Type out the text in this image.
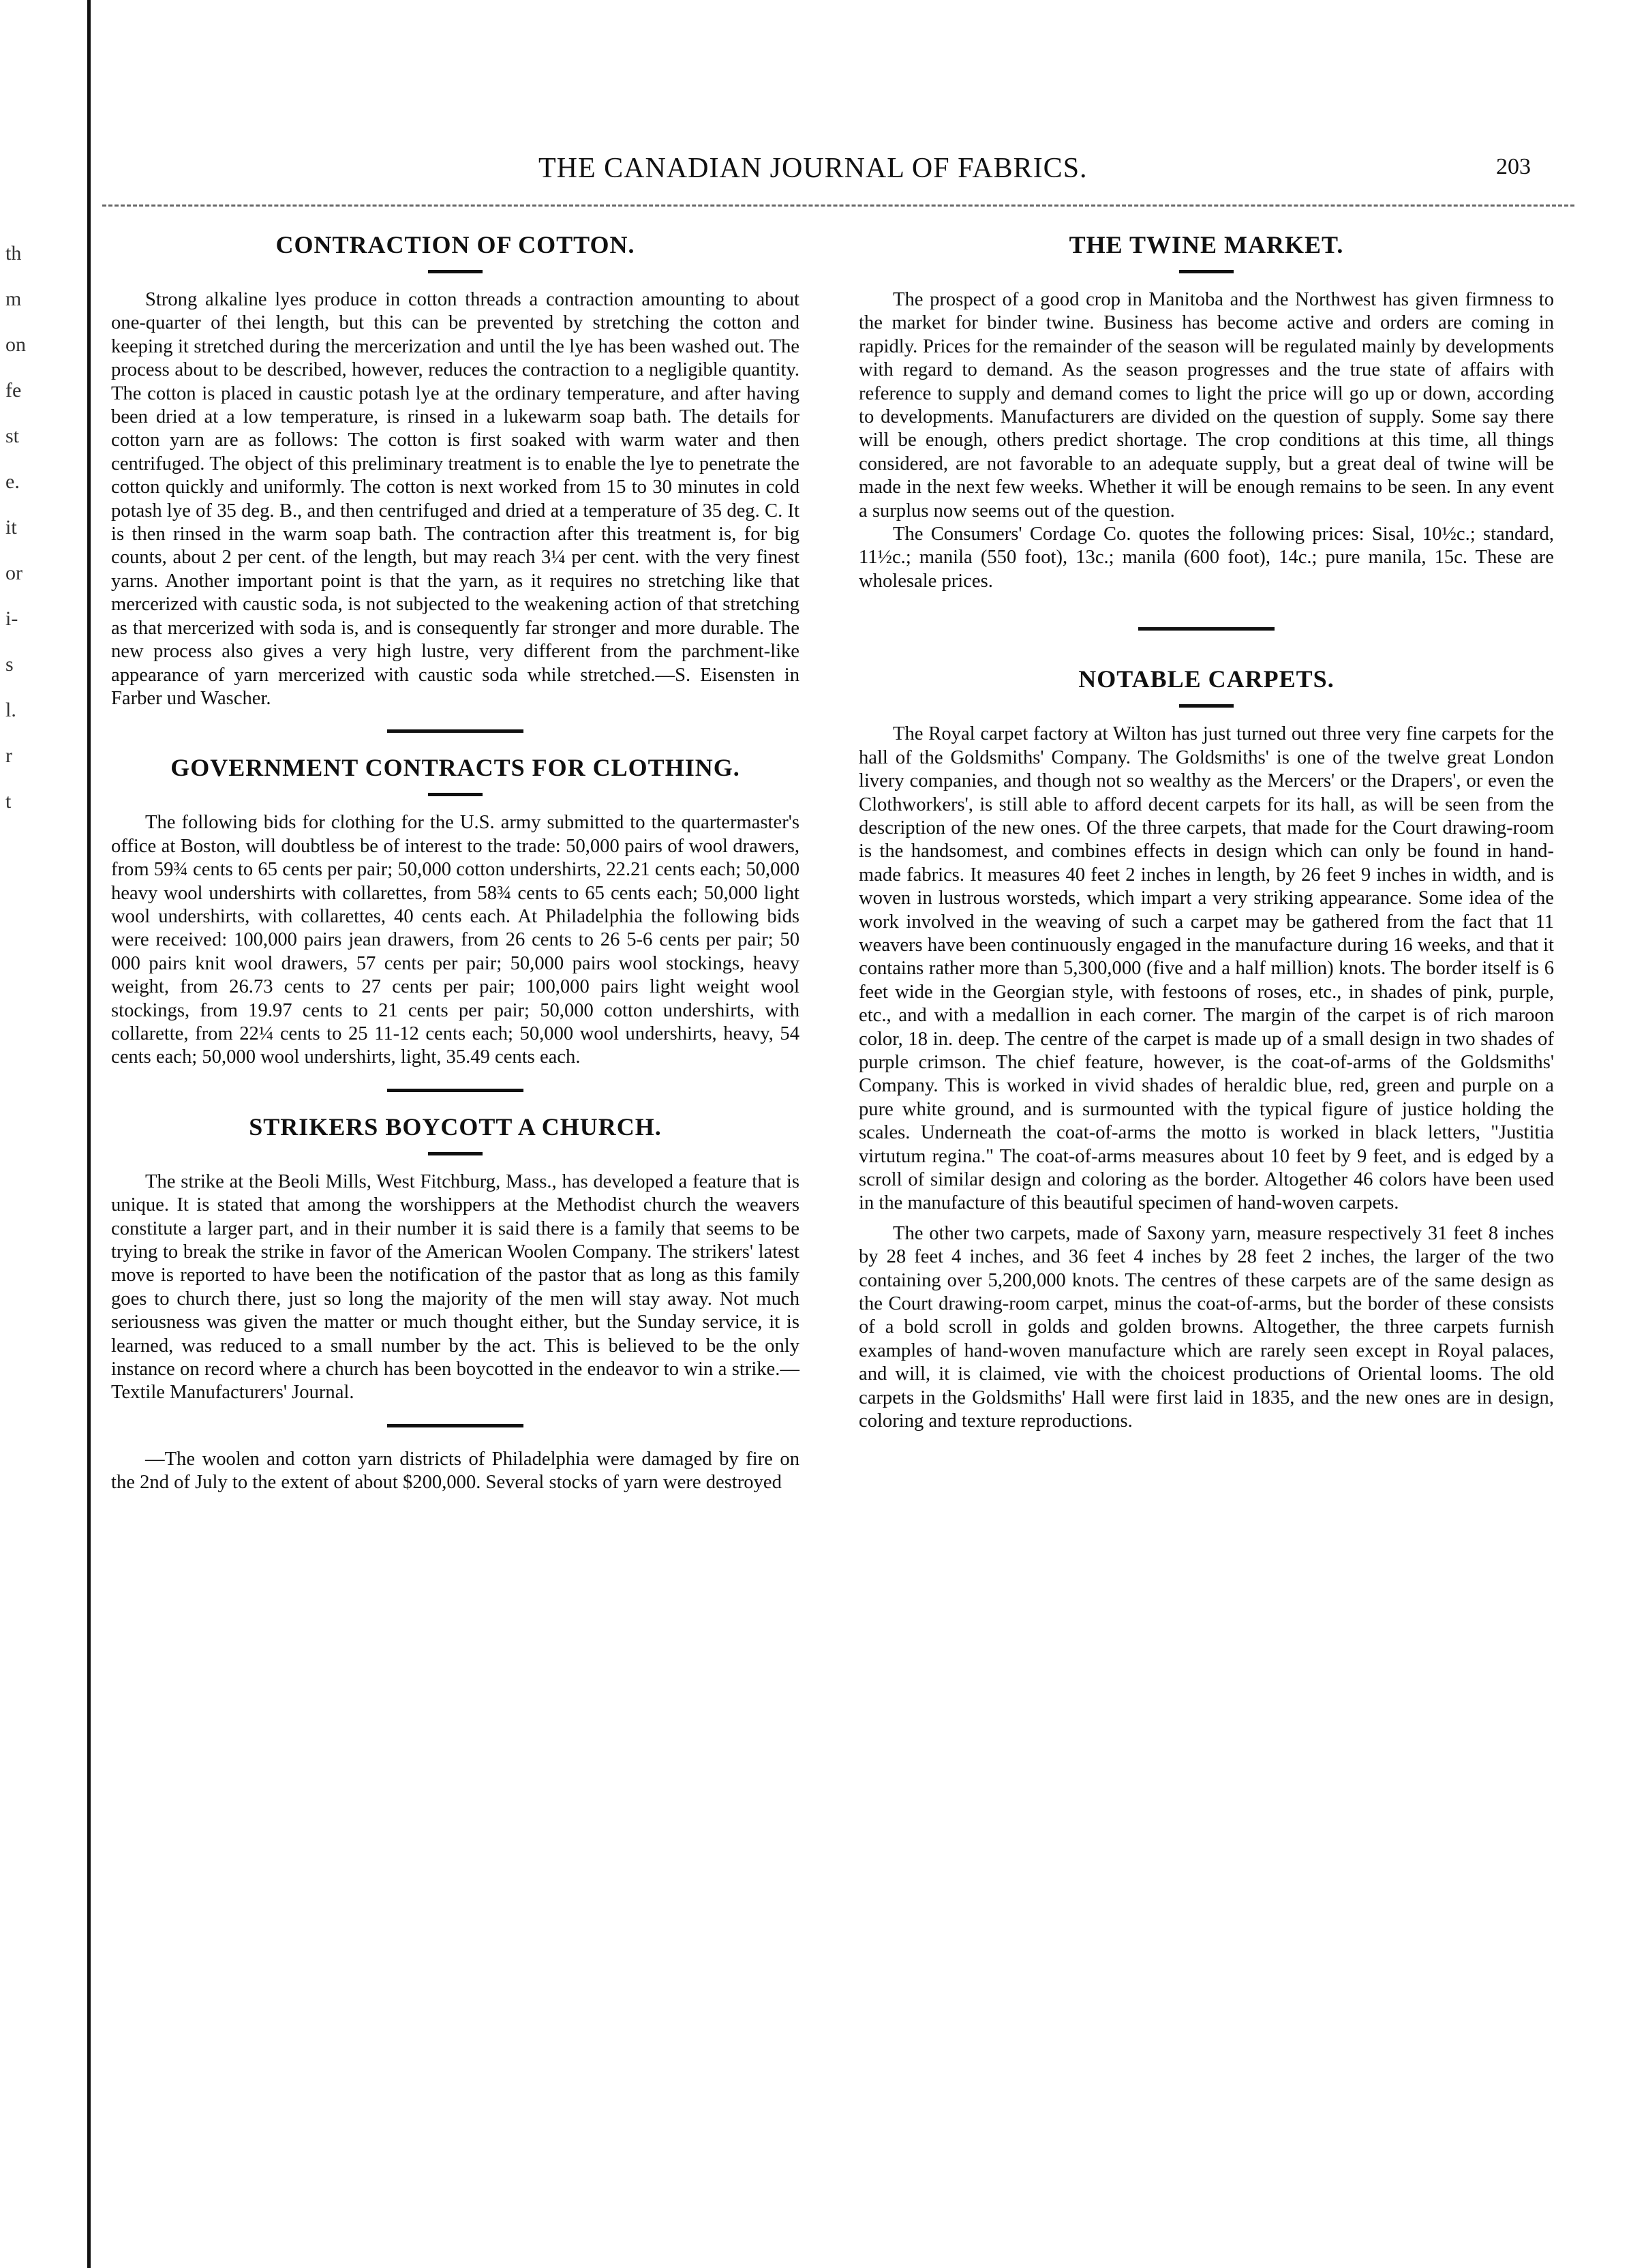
th
m
on
fe
st
e.
it
or
i-
s
l.
r
t
THE CANADIAN JOURNAL OF FABRICS.	203
CONTRACTION OF COTTON.

Strong alkaline lyes produce in cotton threads a contraction amounting to about one-quarter of thei length, but this can be prevented by stretching the cotton and keeping it stretched during the mercerization and until the lye has been washed out. The process about to be described, however, reduces the contraction to a negligible quantity. The cotton is placed in caustic potash lye at the ordinary temperature, and after having been dried at a low temperature, is rinsed in a lukewarm soap bath. The details for cotton yarn are as follows: The cotton is first soaked with warm water and then centrifuged. The object of this preliminary treatment is to enable the lye to penetrate the cotton quickly and uniformly. The cotton is next worked from 15 to 30 minutes in cold potash lye of 35 deg. B., and then centrifuged and dried at a temperature of 35 deg. C. It is then rinsed in the warm soap bath. The contraction after this treatment is, for big counts, about 2 per cent. of the length, but may reach 3¼ per cent. with the very finest yarns. Another important point is that the yarn, as it requires no stretching like that mercerized with caustic soda, is not subjected to the weakening action of that stretching as that mercerized with soda is, and is consequently far stronger and more durable. The new process also gives a very high lustre, very different from the parchment-like appearance of yarn mercerized with caustic soda while stretched.—S. Eisensten in Farber und Wascher.

GOVERNMENT CONTRACTS FOR CLOTHING.

The following bids for clothing for the U.S. army submitted to the quartermaster's office at Boston, will doubtless be of interest to the trade: 50,000 pairs of wool drawers, from 59¾ cents to 65 cents per pair; 50,000 cotton undershirts, 22.21 cents each; 50,000 heavy wool undershirts with collarettes, from 58¾ cents to 65 cents each; 50,000 light wool undershirts, with collarettes, 40 cents each. At Philadelphia the following bids were received: 100,000 pairs jean drawers, from 26 cents to 26 5-6 cents per pair; 50 000 pairs knit wool drawers, 57 cents per pair; 50,000 pairs wool stockings, heavy weight, from 26.73 cents to 27 cents per pair; 100,000 pairs light weight wool stockings, from 19.97 cents to 21 cents per pair; 50,000 cotton undershirts, with collarette, from 22¼ cents to 25 11-12 cents each; 50,000 wool undershirts, heavy, 54 cents each; 50,000 wool undershirts, light, 35.49 cents each.

STRIKERS BOYCOTT A CHURCH.

The strike at the Beoli Mills, West Fitchburg, Mass., has developed a feature that is unique. It is stated that among the worshippers at the Methodist church the weavers constitute a larger part, and in their number it is said there is a family that seems to be trying to break the strike in favor of the American Woolen Company. The strikers' latest move is reported to have been the notification of the pastor that as long as this family goes to church there, just so long the majority of the men will stay away. Not much seriousness was given the matter or much thought either, but the Sunday service, it is learned, was reduced to a small number by the act. This is believed to be the only instance on record where a church has been boycotted in the endeavor to win a strike.—Textile Manufacturers' Journal.

—The woolen and cotton yarn districts of Philadelphia were damaged by fire on the 2nd of July to the extent of about $200,000. Several stocks of yarn were destroyed

THE TWINE MARKET.

The prospect of a good crop in Manitoba and the Northwest has given firmness to the market for binder twine. Business has become active and orders are coming in rapidly. Prices for the remainder of the season will be regulated mainly by developments with regard to demand. As the season progresses and the true state of affairs with reference to supply and demand comes to light the price will go up or down, according to developments. Manufacturers are divided on the question of supply. Some say there will be enough, others predict shortage. The crop conditions at this time, all things considered, are not favorable to an adequate supply, but a great deal of twine will be made in the next few weeks. Whether it will be enough remains to be seen. In any event a surplus now seems out of the question.

The Consumers' Cordage Co. quotes the following prices: Sisal, 10½c.; standard, 11½c.; manila (550 foot), 13c.; manila (600 foot), 14c.; pure manila, 15c. These are wholesale prices.

NOTABLE CARPETS.

The Royal carpet factory at Wilton has just turned out three very fine carpets for the hall of the Goldsmiths' Company. The Goldsmiths' is one of the twelve great London livery companies, and though not so wealthy as the Mercers' or the Drapers', or even the Clothworkers', is still able to afford decent carpets for its hall, as will be seen from the description of the new ones. Of the three carpets, that made for the Court drawing-room is the handsomest, and combines effects in design which can only be found in hand-made fabrics. It measures 40 feet 2 inches in length, by 26 feet 9 inches in width, and is woven in lustrous worsteds, which impart a very striking appearance. Some idea of the work involved in the weaving of such a carpet may be gathered from the fact that 11 weavers have been continuously engaged in the manufacture during 16 weeks, and that it contains rather more than 5,300,000 (five and a half million) knots. The border itself is 6 feet wide in the Georgian style, with festoons of roses, etc., in shades of pink, purple, etc., and with a medallion in each corner. The margin of the carpet is of rich maroon color, 18 in. deep. The centre of the carpet is made up of a small design in two shades of purple crimson. The chief feature, however, is the coat-of-arms of the Goldsmiths' Company. This is worked in vivid shades of heraldic blue, red, green and purple on a pure white ground, and is surmounted with the typical figure of justice holding the scales. Underneath the coat-of-arms the motto is worked in black letters, "Justitia virtutum regina." The coat-of-arms measures about 10 feet by 9 feet, and is edged by a scroll of similar design and coloring as the border. Altogether 46 colors have been used in the manufacture of this beautiful specimen of hand-woven carpets.

The other two carpets, made of Saxony yarn, measure respectively 31 feet 8 inches by 28 feet 4 inches, and 36 feet 4 inches by 28 feet 2 inches, the larger of the two containing over 5,200,000 knots. The centres of these carpets are of the same design as the Court drawing-room carpet, minus the coat-of-arms, but the border of these consists of a bold scroll in golds and golden browns. Altogether, the three carpets furnish examples of hand-woven manufacture which are rarely seen except in Royal palaces, and will, it is claimed, vie with the choicest productions of Oriental looms. The old carpets in the Goldsmiths' Hall were first laid in 1835, and the new ones are in design, coloring and texture reproductions.
